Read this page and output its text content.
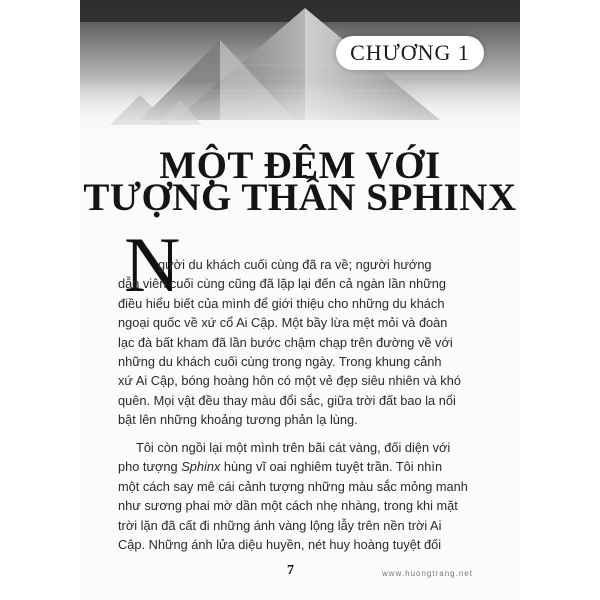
CHƯƠNG 1
MỘT ĐÊM VỚI
TƯỢNG THẦN SPHINX
N
gười du khách cuối cùng đã ra về; người hướng
dẫn viên cuối cùng cũng đã lặp lại đến cả ngàn lần những
điều hiểu biết của mình để giới thiệu cho những du khách
ngoại quốc về xứ cổ Ai Cập. Một bầy lừa mệt mỏi và đoàn
lạc đà bất kham đã lần bước chậm chạp trên đường về với
những du khách cuối cùng trong ngày. Trong khung cảnh
xứ Ai Cập, bóng hoàng hôn có một vẻ đẹp siêu nhiên và khó
quên. Mọi vật đều thay màu đổi sắc, giữa trời đất bao la nổi
bật lên những khoảng tương phản lạ lùng.
Tôi còn ngồi lại một mình trên bãi cát vàng, đối diện với
pho tượng Sphinx hùng vĩ oai nghiêm tuyệt trần. Tôi nhìn
một cách say mê cái cảnh tượng những màu sắc mỏng manh
như sương phai mờ dần một cách nhẹ nhàng, trong khi mặt
trời lặn đã cất đi những ánh vàng lộng lẫy trên nền trời Ai
Cập. Những ánh lửa diệu huyền, nét huy hoàng tuyệt đối
7	www.huongtrang.net
